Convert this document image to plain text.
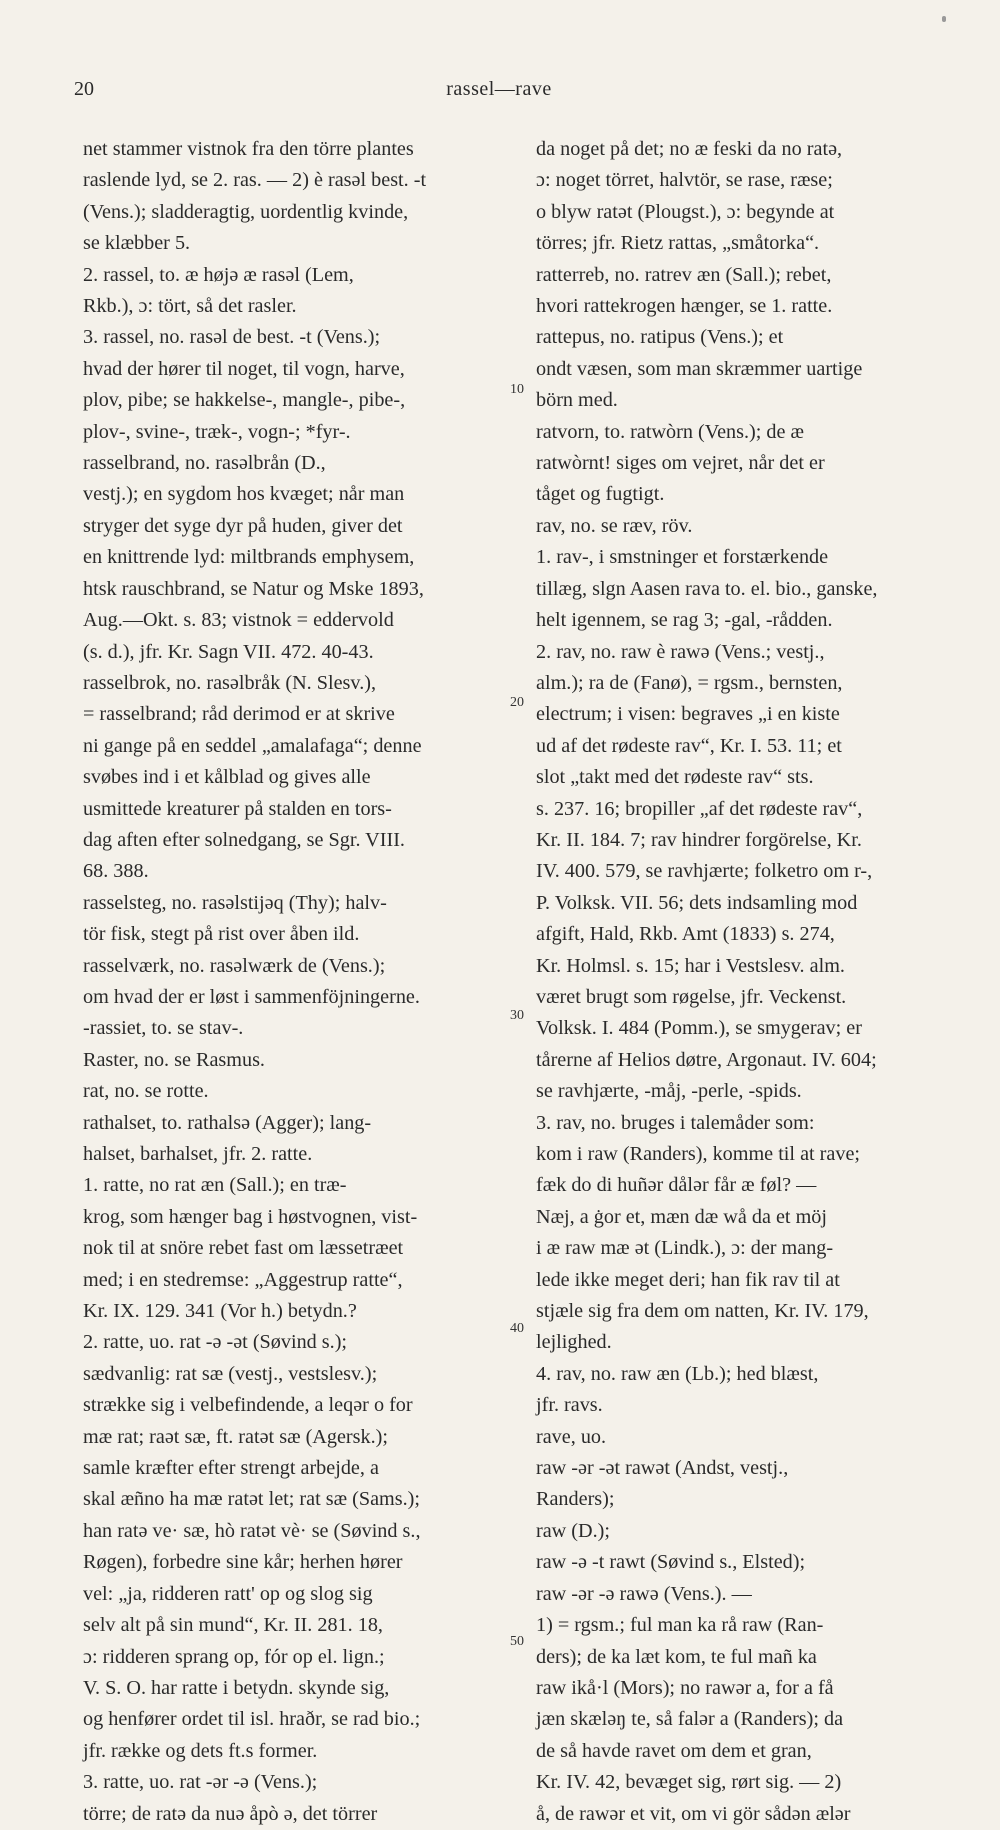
20	rassel—rave
net stammer vistnok fra den törre plantes
raslende lyd, se 2. ras. — 2) è rasəl best. -t
(Vens.); sladderagtig, uordentlig kvinde,
se klæbber 5.
2. rassel, to. æ højə æ rasəl (Lem,
Rkb.), ɔ: tört, så det rasler.
3. rassel, no. rasəl de best. -t (Vens.);
hvad der hører til noget, til vogn, harve,
plov, pibe; se hakkelse-, mangle-, pibe-,
plov-, svine-, træk-, vogn-; *fyr-.
rasselbrand, no. rasəlbrån (D.,
vestj.); en sygdom hos kvæget; når man
stryger det syge dyr på huden, giver det
en knittrende lyd: miltbrands emphysem,
htsk rauschbrand, se Natur og Mske 1893,
Aug.—Okt. s. 83; vistnok = eddervold
(s. d.), jfr. Kr. Sagn VII. 472. 40-43.
rasselbrok, no. rasəlbråk (N. Slesv.),
= rasselbrand; råd derimod er at skrive
ni gange på en seddel „amalafaga“; denne
svøbes ind i et kålblad og gives alle
usmittede kreaturer på stalden en tors-
dag aften efter solnedgang, se Sgr. VIII.
68. 388.
rasselsteg, no. rasəlstijəq (Thy); halv-
tör fisk, stegt på rist over åben ild.
rasselværk, no. rasəlwærk de (Vens.);
om hvad der er løst i sammenföjningerne.
-rassiet, to. se stav-.
Raster, no. se Rasmus.
rat, no. se rotte.
rathalset, to. rathalsə (Agger); lang-
halset, barhalset, jfr. 2. ratte.
1. ratte, no rat æn (Sall.); en træ-
krog, som hænger bag i høstvognen, vist-
nok til at snöre rebet fast om læssetræet
med; i en stedremse: „Aggestrup ratte“,
Kr. IX. 129. 341 (Vor h.) betydn.?
2. ratte, uo. rat -ə -ət (Søvind s.);
sædvanlig: rat sæ (vestj., vestslesv.);
strække sig i velbefindende, a leqər o for
mæ rat; raət sæ, ft. ratət sæ (Agersk.);
samle kræfter efter strengt arbejde, a
skal æñno ha mæ ratət let; rat sæ (Sams.);
han ratə ve· sæ, hò ratət vè· se (Søvind s.,
Røgen), forbedre sine kår; herhen hører
vel: „ja, ridderen ratt' op og slog sig
selv alt på sin mund“, Kr. II. 281. 18,
ɔ: ridderen sprang op, fór op el. lign.;
V. S. O. har ratte i betydn. skynde sig,
og henfører ordet til isl. hraðr, se rad bio.;
jfr. række og dets ft.s former.
3. ratte, uo. rat -ər -ə (Vens.);
törre; de ratə da nuə åpò ə, det törrer
10
20
30
40
50
da noget på det; no æ feski da no ratə,
ɔ: noget törret, halvtör, se rase, ræse;
o blyw ratət (Plougst.), ɔ: begynde at
törres; jfr. Rietz rattas, „småtorka“.
ratterreb, no. ratrev æn (Sall.); rebet,
hvori rattekrogen hænger, se 1. ratte.
rattepus, no. ratipus (Vens.); et
ondt væsen, som man skræmmer uartige
börn med.
ratvorn, to. ratwòrn (Vens.); de æ
ratwòrnt! siges om vejret, når det er
tåget og fugtigt.
rav, no. se ræv, röv.
1. rav-, i smstninger et forstærkende
tillæg, slgn Aasen rava to. el. bio., ganske,
helt igennem, se rag 3; -gal, -rådden.
2. rav, no. raw è rawə (Vens.; vestj.,
alm.); ra de (Fanø), = rgsm., bernsten,
electrum; i visen: begraves „i en kiste
ud af det rødeste rav“, Kr. I. 53. 11; et
slot „takt med det rødeste rav“ sts.
s. 237. 16; bropiller „af det rødeste rav“,
Kr. II. 184. 7; rav hindrer forgörelse, Kr.
IV. 400. 579, se ravhjærte; folketro om r-,
P. Volksk. VII. 56; dets indsamling mod
afgift, Hald, Rkb. Amt (1833) s. 274,
Kr. Holmsl. s. 15; har i Vestslesv. alm.
været brugt som røgelse, jfr. Veckenst.
Volksk. I. 484 (Pomm.), se smygerav; er
tårerne af Helios døtre, Argonaut. IV. 604;
se ravhjærte, -måj, -perle, -spids.
3. rav, no. bruges i talemåder som:
kom i raw (Randers), komme til at rave;
fæk do di huñər dålər får æ føl? —
Næj, a ġor et, mæn dæ wå da et möj
i æ raw mæ ət (Lindk.), ɔ: der mang-
lede ikke meget deri; han fik rav til at
stjæle sig fra dem om natten, Kr. IV. 179,
lejlighed.
4. rav, no. raw æn (Lb.); hed blæst,
jfr. ravs.
rave, uo.
raw -ər -ət rawət (Andst, vestj.,
Randers);
raw (D.);
raw -ə -t rawt (Søvind s., Elsted);
raw -ər -ə rawə (Vens.). —
1) = rgsm.; ful man ka rå raw (Ran-
ders); de ka læt kom, te ful mañ ka
raw ikå·l (Mors); no rawər a, for a få
jæn skæləŋ te, så falər a (Randers); da
de så havde ravet om dem et gran,
Kr. IV. 42, bevæget sig, rørt sig. — 2)
å, de rawər et vit, om vi gör sådən ælər
